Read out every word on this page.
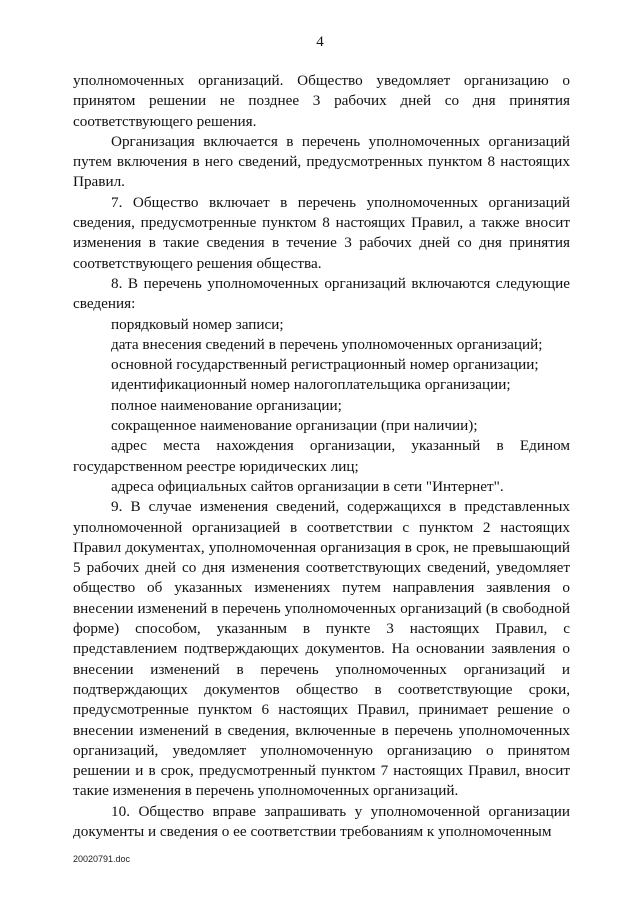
4

уполномоченных организаций. Общество уведомляет организацию о принятом решении не позднее 3 рабочих дней со дня принятия соответствующего решения.

Организация включается в перечень уполномоченных организаций путем включения в него сведений, предусмотренных пунктом 8 настоящих Правил.

7. Общество включает в перечень уполномоченных организаций сведения, предусмотренные пунктом 8 настоящих Правил, а также вносит изменения в такие сведения в течение 3 рабочих дней со дня принятия соответствующего решения общества.

8. В перечень уполномоченных организаций включаются следующие сведения:

порядковый номер записи;

дата внесения сведений в перечень уполномоченных организаций;

основной государственный регистрационный номер организации;

идентификационный номер налогоплательщика организации;

полное наименование организации;

сокращенное наименование организации (при наличии);

адрес места нахождения организации, указанный в Едином государственном реестре юридических лиц;

адреса официальных сайтов организации в сети "Интернет".

9. В случае изменения сведений, содержащихся в представленных уполномоченной организацией в соответствии с пунктом 2 настоящих Правил документах, уполномоченная организация в срок, не превышающий 5 рабочих дней со дня изменения соответствующих сведений, уведомляет общество об указанных изменениях путем направления заявления о внесении изменений в перечень уполномоченных организаций (в свободной форме) способом, указанным в пункте 3 настоящих Правил, с представлением подтверждающих документов. На основании заявления о внесении изменений в перечень уполномоченных организаций и подтверждающих документов общество в соответствующие сроки, предусмотренные пунктом 6 настоящих Правил, принимает решение о внесении изменений в сведения, включенные в перечень уполномоченных организаций, уведомляет уполномоченную организацию о принятом решении и в срок, предусмотренный пунктом 7 настоящих Правил, вносит такие изменения в перечень уполномоченных организаций.

10. Общество вправе запрашивать у уполномоченной организации документы и сведения о ее соответствии требованиям к уполномоченным

20020791.doc
